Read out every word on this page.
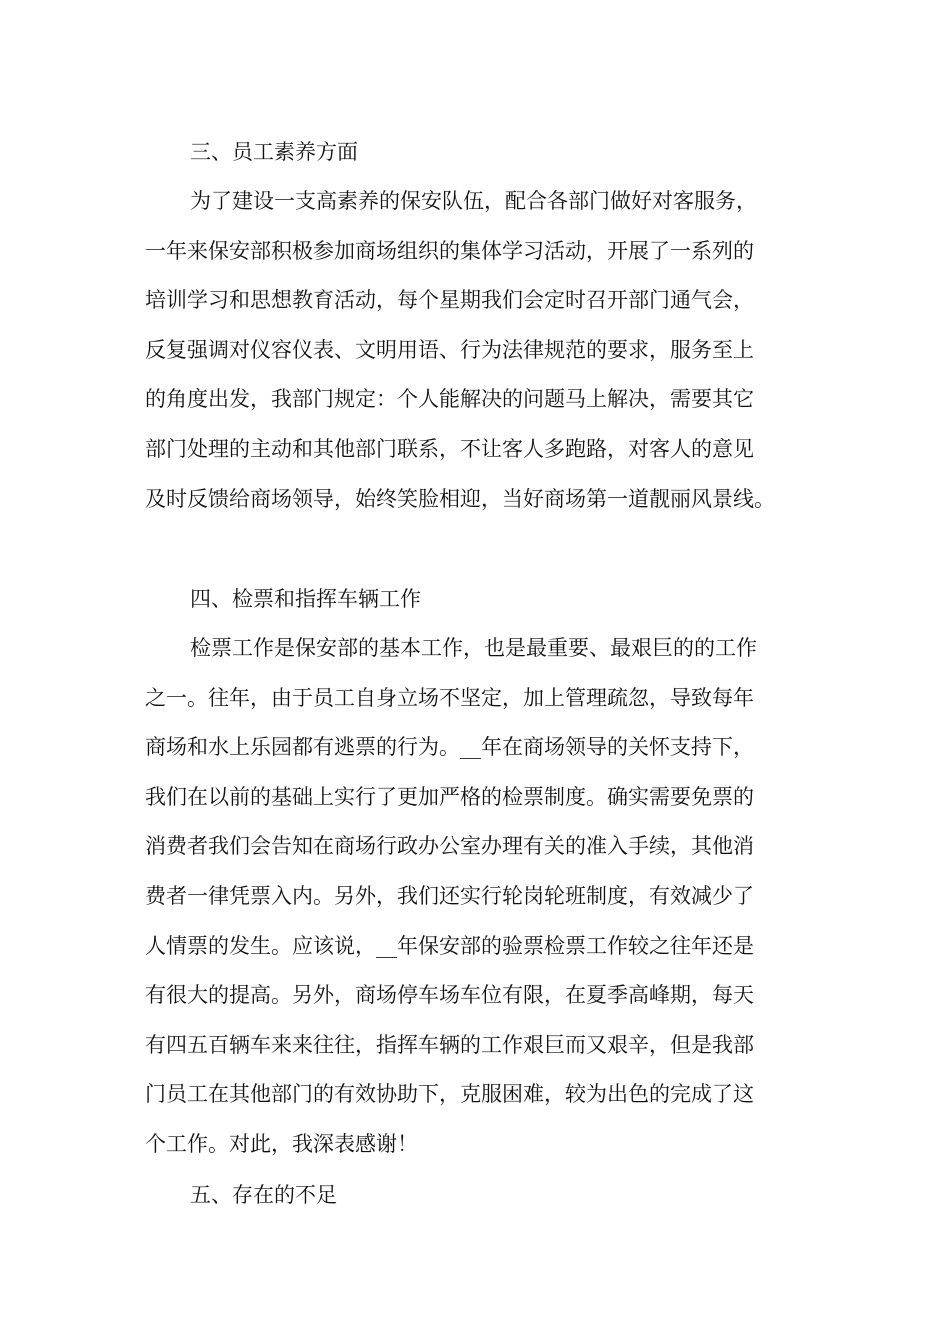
三、员工素养方面
为了建设一支高素养的保安队伍，配合各部门做好对客服务，
一年来保安部积极参加商场组织的集体学习活动，开展了一系列的
培训学习和思想教育活动，每个星期我们会定时召开部门通气会，
反复强调对仪容仪表、文明用语、行为法律规范的要求，服务至上
的角度出发，我部门规定：个人能解决的问题马上解决，需要其它
部门处理的主动和其他部门联系，不让客人多跑路，对客人的意见
及时反馈给商场领导，始终笑脸相迎，当好商场第一道靓丽风景线。
四、检票和指挥车辆工作
检票工作是保安部的基本工作，也是最重要、最艰巨的的工作
之一。往年，由于员工自身立场不坚定，加上管理疏忽，导致每年
商场和水上乐园都有逃票的行为。__年在商场领导的关怀支持下，
我们在以前的基础上实行了更加严格的检票制度。确实需要免票的
消费者我们会告知在商场行政办公室办理有关的准入手续，其他消
费者一律凭票入内。另外，我们还实行轮岗轮班制度，有效减少了
人情票的发生。应该说，__年保安部的验票检票工作较之往年还是
有很大的提高。另外，商场停车场车位有限，在夏季高峰期，每天
有四五百辆车来来往往，指挥车辆的工作艰巨而又艰辛，但是我部
门员工在其他部门的有效协助下，克服困难，较为出色的完成了这
个工作。对此，我深表感谢！
五、存在的不足
